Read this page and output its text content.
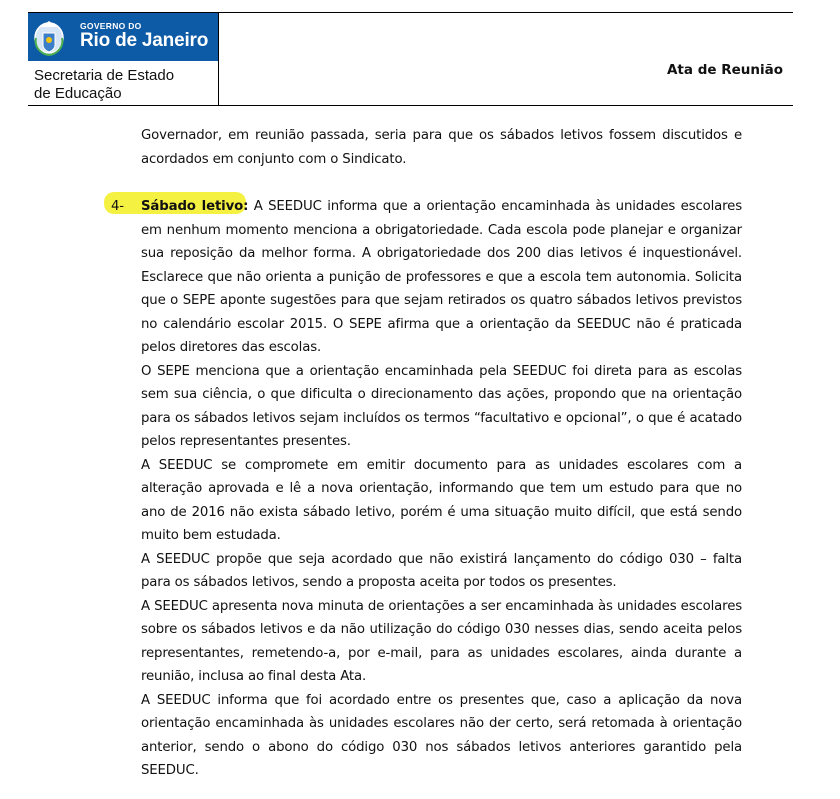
GOVERNO DO
Rio de Janeiro
Secretaria de Estado
de Educação
Ata de Reunião

Governador, em reunião passada, seria para que os sábados letivos fossem discutidos e acordados em conjunto com o Sindicato.

4- Sábado letivo: A SEEDUC informa que a orientação encaminhada às unidades escolares em nenhum momento menciona a obrigatoriedade. Cada escola pode planejar e organizar sua reposição da melhor forma. A obrigatoriedade dos 200 dias letivos é inquestionável. Esclarece que não orienta a punição de professores e que a escola tem autonomia. Solicita que o SEPE aponte sugestões para que sejam retirados os quatro sábados letivos previstos no calendário escolar 2015. O SEPE afirma que a orientação da SEEDUC não é praticada pelos diretores das escolas.

O SEPE menciona que a orientação encaminhada pela SEEDUC foi direta para as escolas sem sua ciência, o que dificulta o direcionamento das ações, propondo que na orientação para os sábados letivos sejam incluídos os termos “facultativo e opcional”, o que é acatado pelos representantes presentes.

A SEEDUC se compromete em emitir documento para as unidades escolares com a alteração aprovada e lê a nova orientação, informando que tem um estudo para que no ano de 2016 não exista sábado letivo, porém é uma situação muito difícil, que está sendo muito bem estudada.

A SEEDUC propõe que seja acordado que não existirá lançamento do código 030 – falta para os sábados letivos, sendo a proposta aceita por todos os presentes.

A SEEDUC apresenta nova minuta de orientações a ser encaminhada às unidades escolares sobre os sábados letivos e da não utilização do código 030 nesses dias, sendo aceita pelos representantes, remetendo-a, por e-mail, para as unidades escolares, ainda durante a reunião, inclusa ao final desta Ata.

A SEEDUC informa que foi acordado entre os presentes que, caso a aplicação da nova orientação encaminhada às unidades escolares não der certo, será retomada à orientação anterior, sendo o abono do código 030 nos sábados letivos anteriores garantido pela SEEDUC.
